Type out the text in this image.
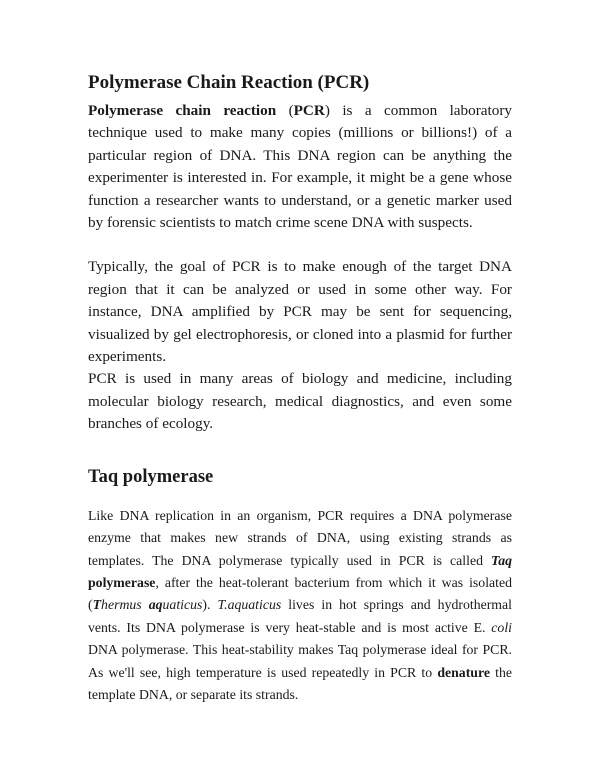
Polymerase Chain Reaction (PCR)

Polymerase chain reaction (PCR) is a common laboratory technique used to make many copies (millions or billions!) of a particular region of DNA. This DNA region can be anything the experimenter is interested in. For example, it might be a gene whose function a researcher wants to understand, or a genetic marker used by forensic scientists to match crime scene DNA with suspects.

Typically, the goal of PCR is to make enough of the target DNA region that it can be analyzed or used in some other way. For instance, DNA amplified by PCR may be sent for sequencing, visualized by gel electrophoresis, or cloned into a plasmid for further experiments.

PCR is used in many areas of biology and medicine, including molecular biology research, medical diagnostics, and even some branches of ecology.

Taq polymerase

Like DNA replication in an organism, PCR requires a DNA polymerase enzyme that makes new strands of DNA, using existing strands as templates. The DNA polymerase typically used in PCR is called Taq polymerase, after the heat-tolerant bacterium from which it was isolated (Thermus aquaticus). T.aquaticus lives in hot springs and hydrothermal vents. Its DNA polymerase is very heat-stable and is most active E. coli DNA polymerase. This heat-stability makes Taq polymerase ideal for PCR. As we'll see, high temperature is used repeatedly in PCR to denature the template DNA, or separate its strands.
